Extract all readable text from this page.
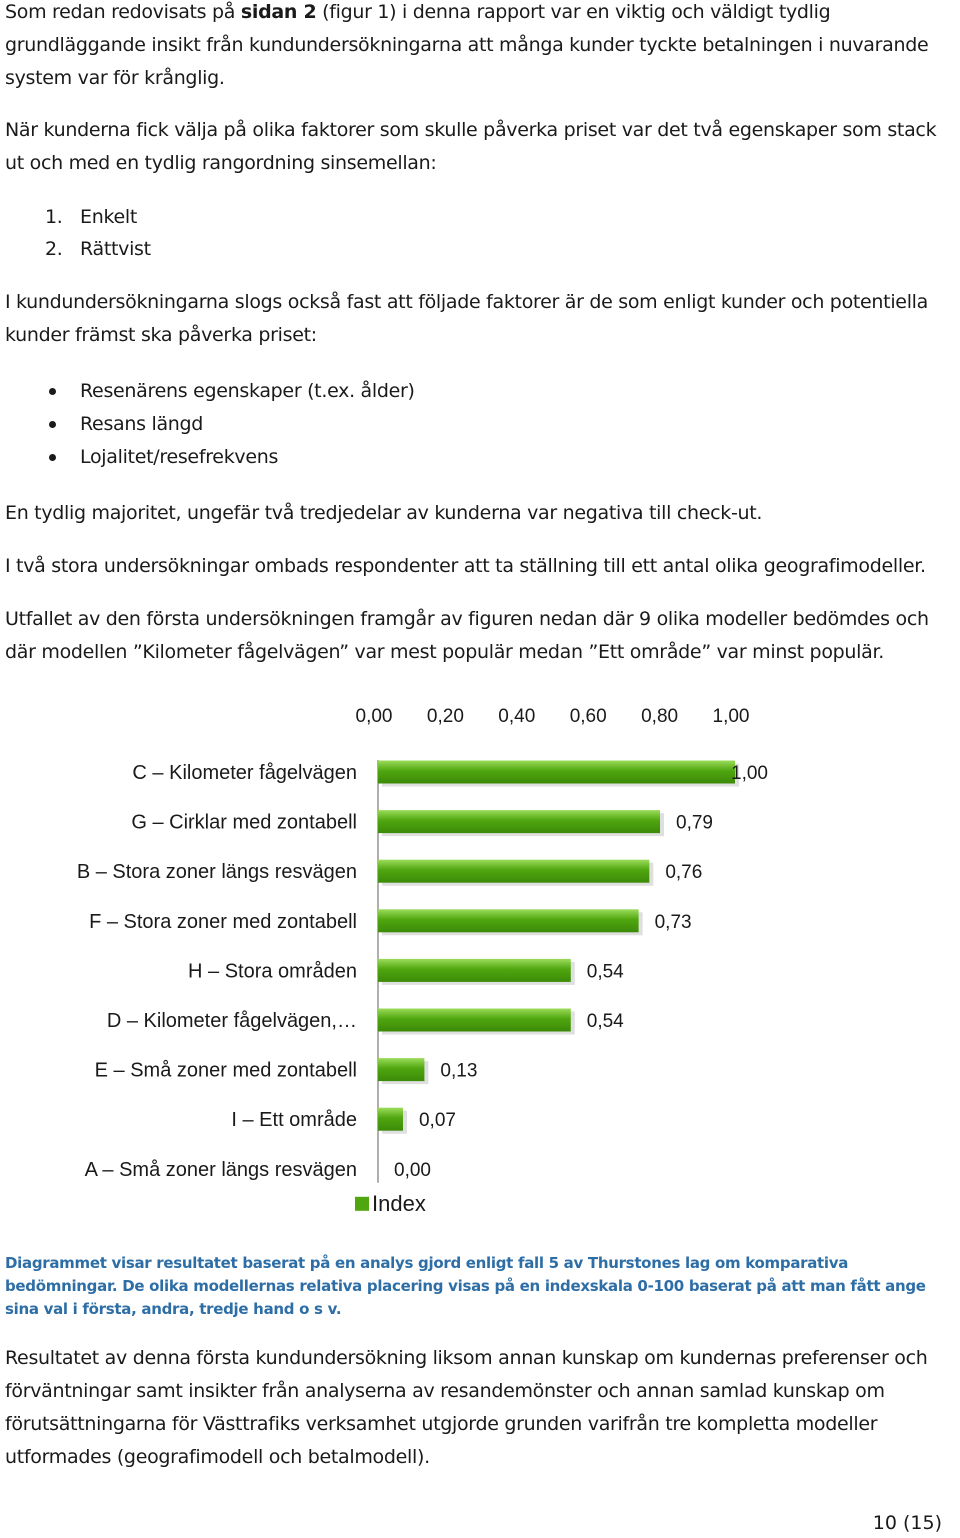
Som redan redovisats på sidan 2 (figur 1) i denna rapport var en viktig och väldigt tydlig grundläggande insikt från kundundersökningarna att många kunder tyckte betalningen i nuvarande system var för krånglig.

När kunderna fick välja på olika faktorer som skulle påverka priset var det två egenskaper som stack ut och med en tydlig rangordning sinsemellan:

1. Enkelt
2. Rättvist

I kundundersökningarna slogs också fast att följade faktorer är de som enligt kunder och potentiella kunder främst ska påverka priset:

Resenärens egenskaper (t.ex. ålder)
Resans längd
Lojalitet/resefrekvens

En tydlig majoritet, ungefär två tredjedelar av kunderna var negativa till check-ut.

I två stora undersökningar ombads respondenter att ta ställning till ett antal olika geografimodeller.

Utfallet av den första undersökningen framgår av figuren nedan där 9 olika modeller bedömdes och där modellen ”Kilometer fågelvägen” var mest populär medan ”Ett område” var minst populär.

0,00 0,20 0,40 0,60 0,80 1,00
C – Kilometer fågelvägen	1,00
G – Cirklar med zontabell	0,79
B – Stora zoner längs resvägen	0,76
F – Stora zoner med zontabell	0,73
H – Stora områden	0,54
D – Kilometer fågelvägen,…	0,54
E – Små zoner med zontabell	0,13
I – Ett område	0,07
A – Små zoner längs resvägen 0,00
Index

Diagrammet visar resultatet baserat på en analys gjord enligt fall 5 av Thurstones lag om komparativa bedömningar. De olika modellernas relativa placering visas på en indexskala 0-100 baserat på att man fått ange sina val i första, andra, tredje hand o s v.

Resultatet av denna första kundundersökning liksom annan kunskap om kundernas preferenser och förväntningar samt insikter från analyserna av resandemönster och annan samlad kunskap om förutsättningarna för Västtrafiks verksamhet utgjorde grunden varifrån tre kompletta modeller utformades (geografimodell och betalmodell).

10 (15)
